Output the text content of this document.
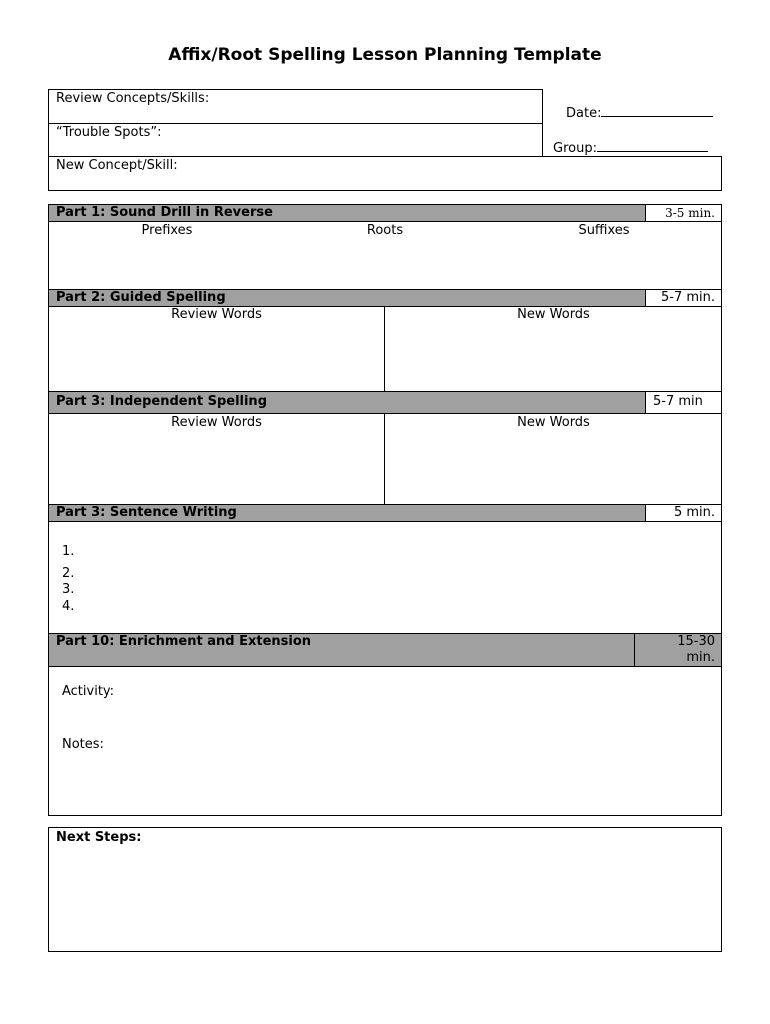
Affix/Root Spelling Lesson Planning Template
Review Concepts/Skills:
“Trouble Spots”:
New Concept/Skill:
Date:
Group:
Part 1: Sound Drill in Reverse	3-5 min.
Prefixes	Roots	Suffixes
Part 2: Guided Spelling	5-7 min.
Review Words	New Words
Part 3: Independent Spelling	5-7 min
Review Words	New Words
Part 3: Sentence Writing	5 min.
1.
2.
3.
4.
Part 10: Enrichment and Extension	15-30
min.
Activity:
Notes:
Next Steps:
